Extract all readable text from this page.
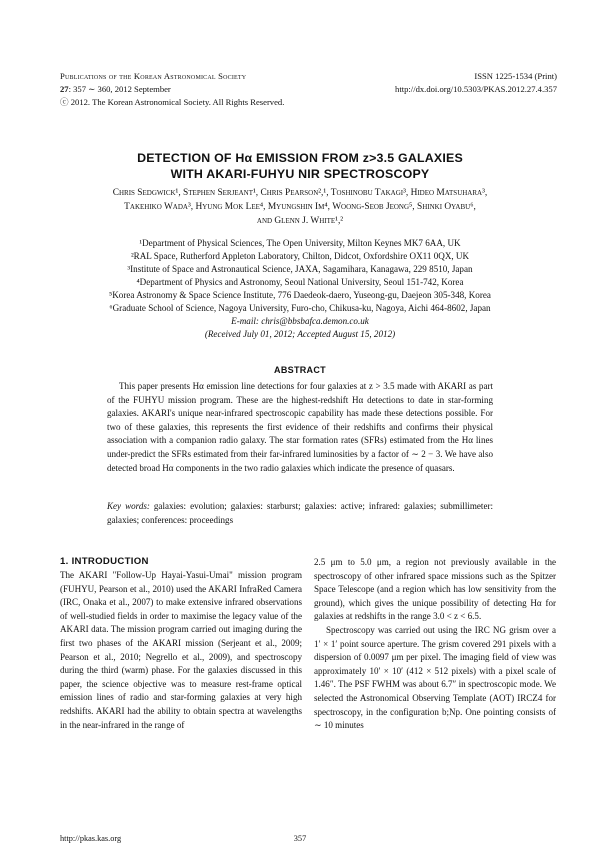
Publications of the Korean Astronomical Society
27: 357 ∼ 360, 2012 September
ⓒ 2012. The Korean Astronomical Society. All Rights Reserved.
ISSN 1225-1534 (Print)
http://dx.doi.org/10.5303/PKAS.2012.27.4.357
DETECTION OF Hα EMISSION FROM z>3.5 GALAXIES
WITH AKARI-FUHYU NIR SPECTROSCOPY
Chris Sedgwick¹, Stephen Serjeant¹, Chris Pearson²,¹, Toshinobu Takagi³, Hideo Matsuhara³,
Takehiko Wada³, Hyung Mok Lee⁴, Myungshin Im⁴, Woong-Seob Jeong⁵, Shinki Oyabu⁶,
and Glenn J. White¹,²
¹Department of Physical Sciences, The Open University, Milton Keynes MK7 6AA, UK
²RAL Space, Rutherford Appleton Laboratory, Chilton, Didcot, Oxfordshire OX11 0QX, UK
³Institute of Space and Astronautical Science, JAXA, Sagamihara, Kanagawa, 229 8510, Japan
⁴Department of Physics and Astronomy, Seoul National University, Seoul 151-742, Korea
⁵Korea Astronomy & Space Science Institute, 776 Daedeok-daero, Yuseong-gu, Daejeon 305-348, Korea
⁶Graduate School of Science, Nagoya University, Furo-cho, Chikusa-ku, Nagoya, Aichi 464-8602, Japan
E-mail: chris@bbsbafca.demon.co.uk
(Received July 01, 2012; Accepted August 15, 2012)
ABSTRACT
This paper presents Hα emission line detections for four galaxies at z > 3.5 made with AKARI as part of the FUHYU mission program. These are the highest-redshift Hα detections to date in star-forming galaxies. AKARI's unique near-infrared spectroscopic capability has made these detections possible. For two of these galaxies, this represents the first evidence of their redshifts and confirms their physical association with a companion radio galaxy. The star formation rates (SFRs) estimated from the Hα lines under-predict the SFRs estimated from their far-infrared luminosities by a factor of ∼ 2 − 3. We have also detected broad Hα components in the two radio galaxies which indicate the presence of quasars.
Key words: galaxies: evolution; galaxies: starburst; galaxies: active; infrared: galaxies; submillimeter: galaxies; conferences: proceedings
1. INTRODUCTION

The AKARI "Follow-Up Hayai-Yasui-Umai" mission program (FUHYU, Pearson et al., 2010) used the AKARI InfraRed Camera (IRC, Onaka et al., 2007) to make extensive infrared observations of well-studied fields in order to maximise the legacy value of the AKARI data. The mission program carried out imaging during the first two phases of the AKARI mission (Serjeant et al., 2009; Pearson et al., 2010; Negrello et al., 2009), and spectroscopy during the third (warm) phase. For the galaxies discussed in this paper, the science objective was to measure rest-frame optical emission lines of radio and star-forming galaxies at very high redshifts. AKARI had the ability to obtain spectra at wavelengths in the near-infrared in the range of

2.5 μm to 5.0 μm, a region not previously available in the spectroscopy of other infrared space missions such as the Spitzer Space Telescope (and a region which has low sensitivity from the ground), which gives the unique possibility of detecting Hα for galaxies at redshifts in the range 3.0 < z < 6.5.

Spectroscopy was carried out using the IRC NG grism over a 1′ × 1′ point source aperture. The grism covered 291 pixels with a dispersion of 0.0097 μm per pixel. The imaging field of view was approximately 10′ × 10′ (412 × 512 pixels) with a pixel scale of 1.46″. The PSF FWHM was about 6.7″ in spectroscopic mode. We selected the Astronomical Observing Template (AOT) IRCZ4 for spectroscopy, in the configuration b;Np. One pointing consists of ∼ 10 minutes

http://pkas.kas.org	357
